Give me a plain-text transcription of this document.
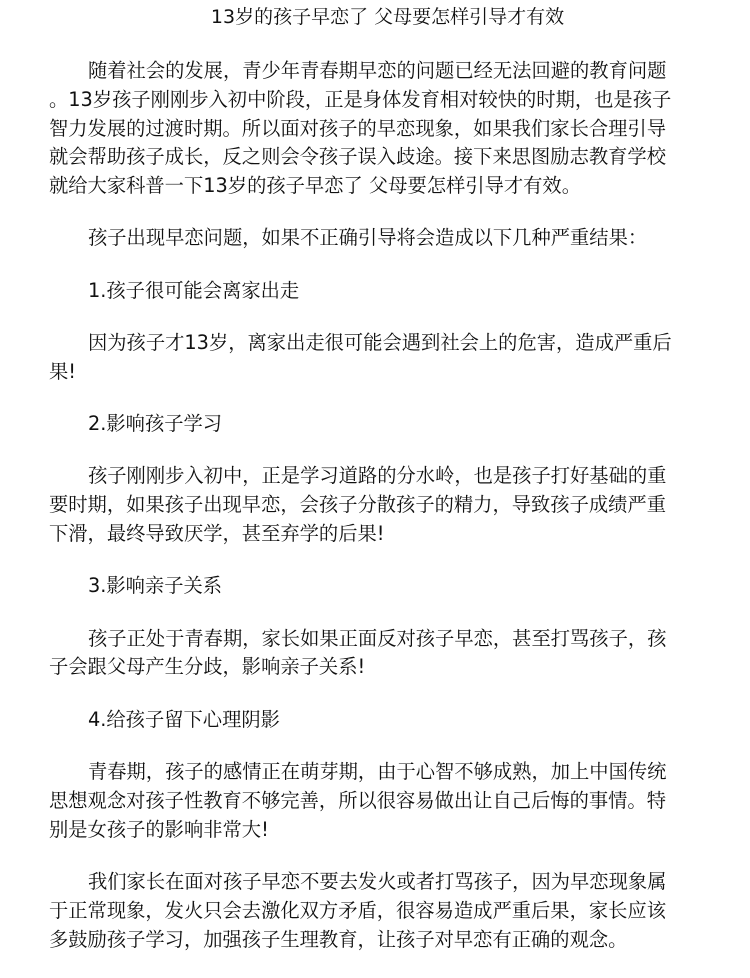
13岁的孩子早恋了 父母要怎样引导才有效

随着社会的发展，青少年青春期早恋的问题已经无法回避的教育问题
。13岁孩子刚刚步入初中阶段，正是身体发育相对较快的时期，也是孩子
智力发展的过渡时期。所以面对孩子的早恋现象，如果我们家长合理引导
就会帮助孩子成长，反之则会令孩子误入歧途。接下来思图励志教育学校
就给大家科普一下13岁的孩子早恋了 父母要怎样引导才有效。

孩子出现早恋问题，如果不正确引导将会造成以下几种严重结果：

1.孩子很可能会离家出走

因为孩子才13岁，离家出走很可能会遇到社会上的危害，造成严重后
果!

2.影响孩子学习

孩子刚刚步入初中，正是学习道路的分水岭，也是孩子打好基础的重
要时期，如果孩子出现早恋，会孩子分散孩子的精力，导致孩子成绩严重
下滑，最终导致厌学，甚至弃学的后果!

3.影响亲子关系

孩子正处于青春期，家长如果正面反对孩子早恋，甚至打骂孩子，孩
子会跟父母产生分歧，影响亲子关系!

4.给孩子留下心理阴影

青春期，孩子的感情正在萌芽期，由于心智不够成熟，加上中国传统
思想观念对孩子性教育不够完善，所以很容易做出让自己后悔的事情。特
别是女孩子的影响非常大!

我们家长在面对孩子早恋不要去发火或者打骂孩子，因为早恋现象属
于正常现象，发火只会去激化双方矛盾，很容易造成严重后果，家长应该
多鼓励孩子学习，加强孩子生理教育，让孩子对早恋有正确的观念。
